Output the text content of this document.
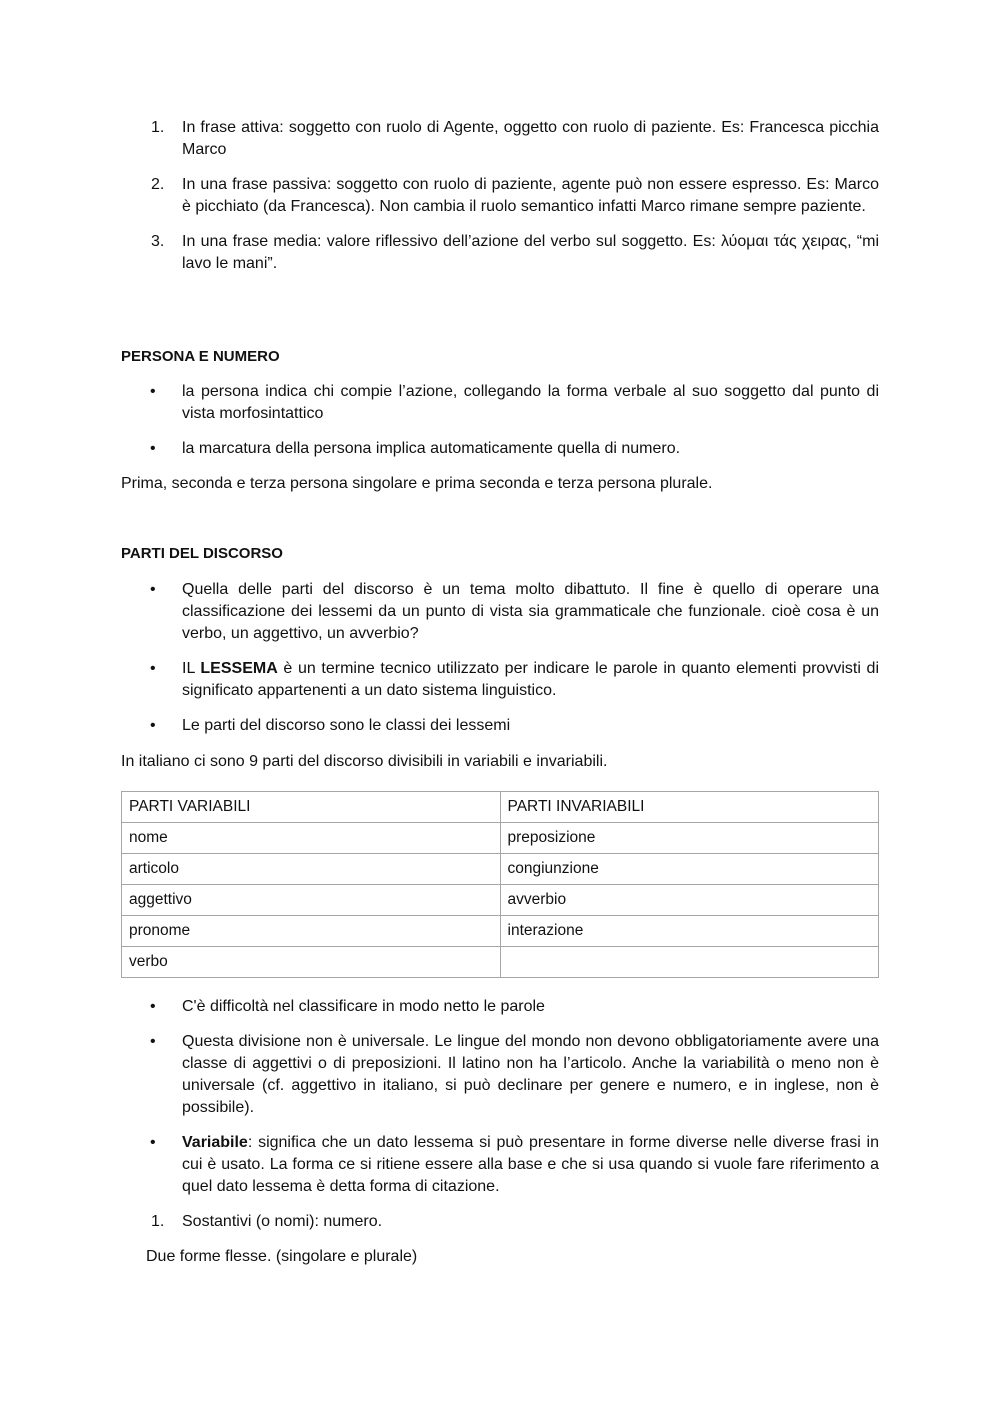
1.	In frase attiva: soggetto con ruolo di Agente, oggetto con ruolo di paziente. Es: Francesca picchia Marco
2.	In una frase passiva: soggetto con ruolo di paziente, agente può non essere espresso. Es: Marco è picchiato (da Francesca). Non cambia il ruolo semantico infatti Marco rimane sempre paziente.
3.	In una frase media: valore riflessivo dell’azione del verbo sul soggetto. Es: λύομαι τάς χειρας, “mi lavo le mani”.
PERSONA E NUMERO
•	la persona indica chi compie l’azione, collegando la forma verbale al suo soggetto dal punto di vista morfosintattico
•	la marcatura della persona implica automaticamente quella di numero.
Prima, seconda e terza persona singolare e prima seconda e terza persona plurale.
PARTI DEL DISCORSO
•	Quella delle parti del discorso è un tema molto dibattuto. Il fine è quello di operare una classificazione dei lessemi da un punto di vista sia grammaticale che funzionale. cioè cosa è un verbo, un aggettivo, un avverbio?
•	IL LESSEMA è un termine tecnico utilizzato per indicare le parole in quanto elementi provvisti di significato appartenenti a un dato sistema linguistico.
•	Le parti del discorso sono le classi dei lessemi
In italiano ci sono 9 parti del discorso divisibili in variabili e invariabili.
PARTI VARIABILI	PARTI INVARIABILI
nome	preposizione
articolo	congiunzione
aggettivo	avverbio
pronome	interazione
verbo	
•	C'è difficoltà nel classificare in modo netto le parole
•	Questa divisione non è universale. Le lingue del mondo non devono obbligatoriamente avere una classe di aggettivi o di preposizioni. Il latino non ha l’articolo. Anche la variabilità o meno non è universale (cf. aggettivo in italiano, si può declinare per genere e numero, e in inglese, non è possibile).
•	Variabile: significa che un dato lessema si può presentare in forme diverse nelle diverse frasi in cui è usato. La forma ce si ritiene essere alla base e che si usa quando si vuole fare riferimento a quel dato lessema è detta forma di citazione.
1.	Sostantivi (o nomi): numero.
Due forme flesse. (singolare e plurale)
